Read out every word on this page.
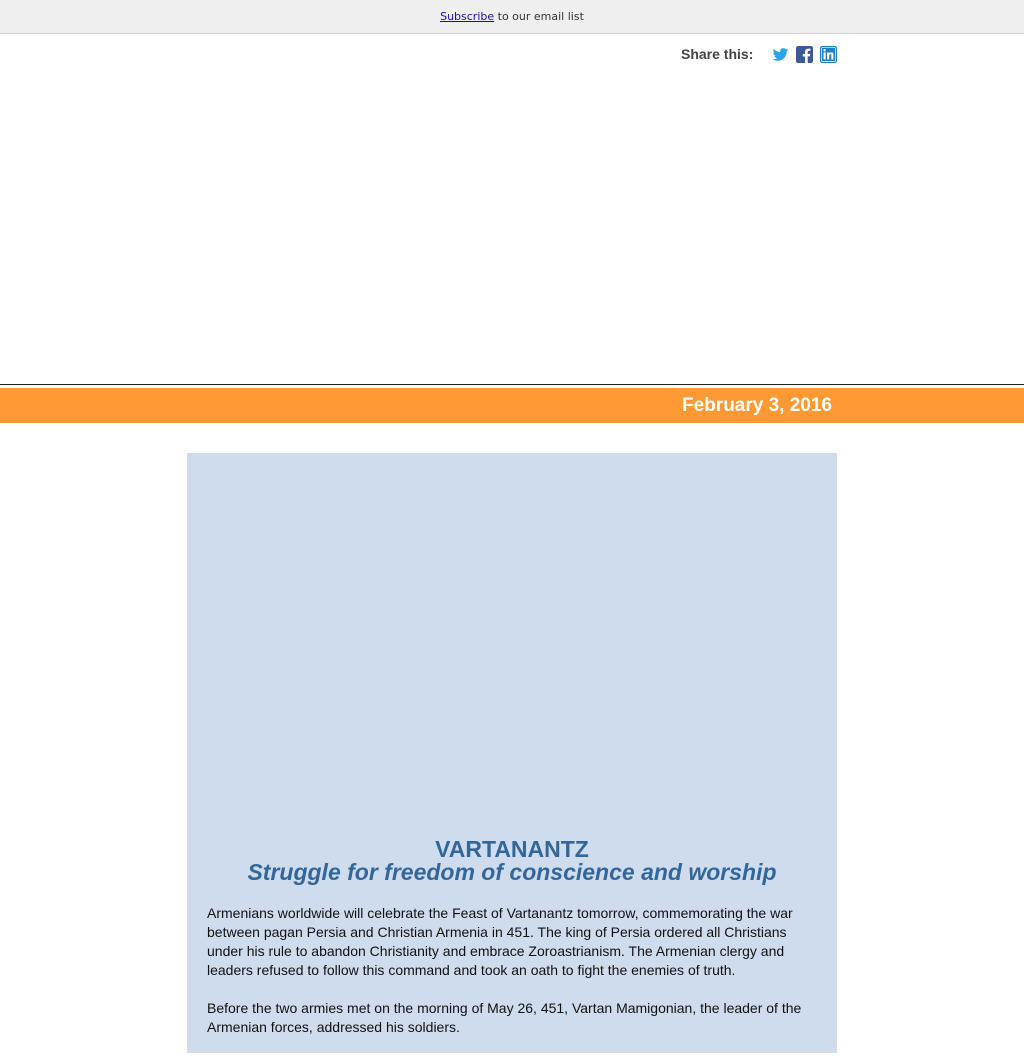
Subscribe to our email list
Share this:
February 3, 2016
VARTANANTZ
Struggle for freedom of conscience and worship

Armenians worldwide will celebrate the Feast of Vartanantz tomorrow, commemorating the war between pagan Persia and Christian Armenia in 451. The king of Persia ordered all Christians under his rule to abandon Christianity and embrace Zoroastrianism. The Armenian clergy and leaders refused to follow this command and took an oath to fight the enemies of truth.

Before the two armies met on the morning of May 26, 451, Vartan Mamigonian, the leader of the Armenian forces, addressed his soldiers.
